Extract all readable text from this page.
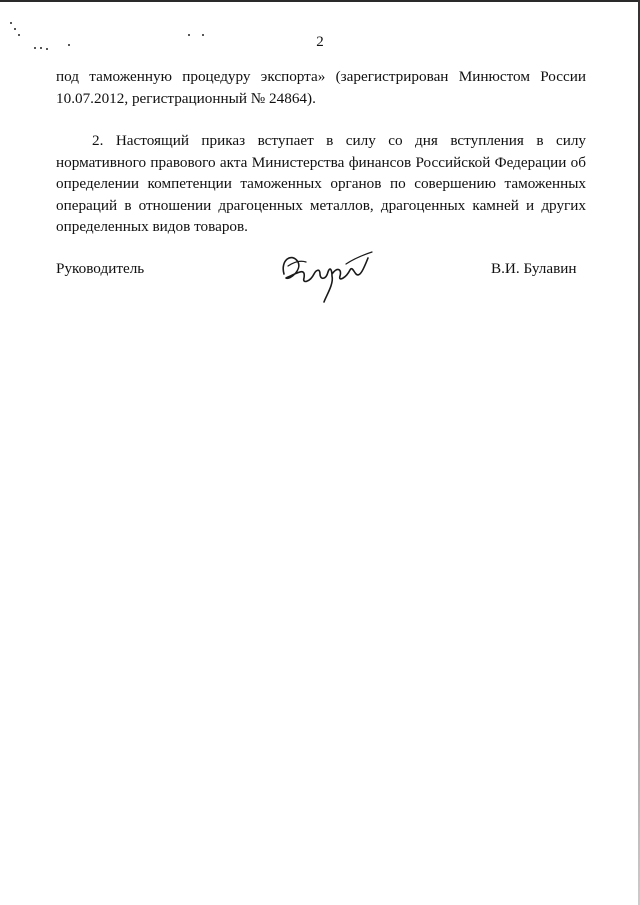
2

под таможенную процедуру экспорта» (зарегистрирован Минюстом России 10.07.2012, регистрационный № 24864).

2. Настоящий приказ вступает в силу со дня вступления в силу нормативного правового акта Министерства финансов Российской Федерации об определении компетенции таможенных органов по совершению таможенных операций в отношении драгоценных металлов, драгоценных камней и других определенных видов товаров.

Руководитель	В.И. Булавин
